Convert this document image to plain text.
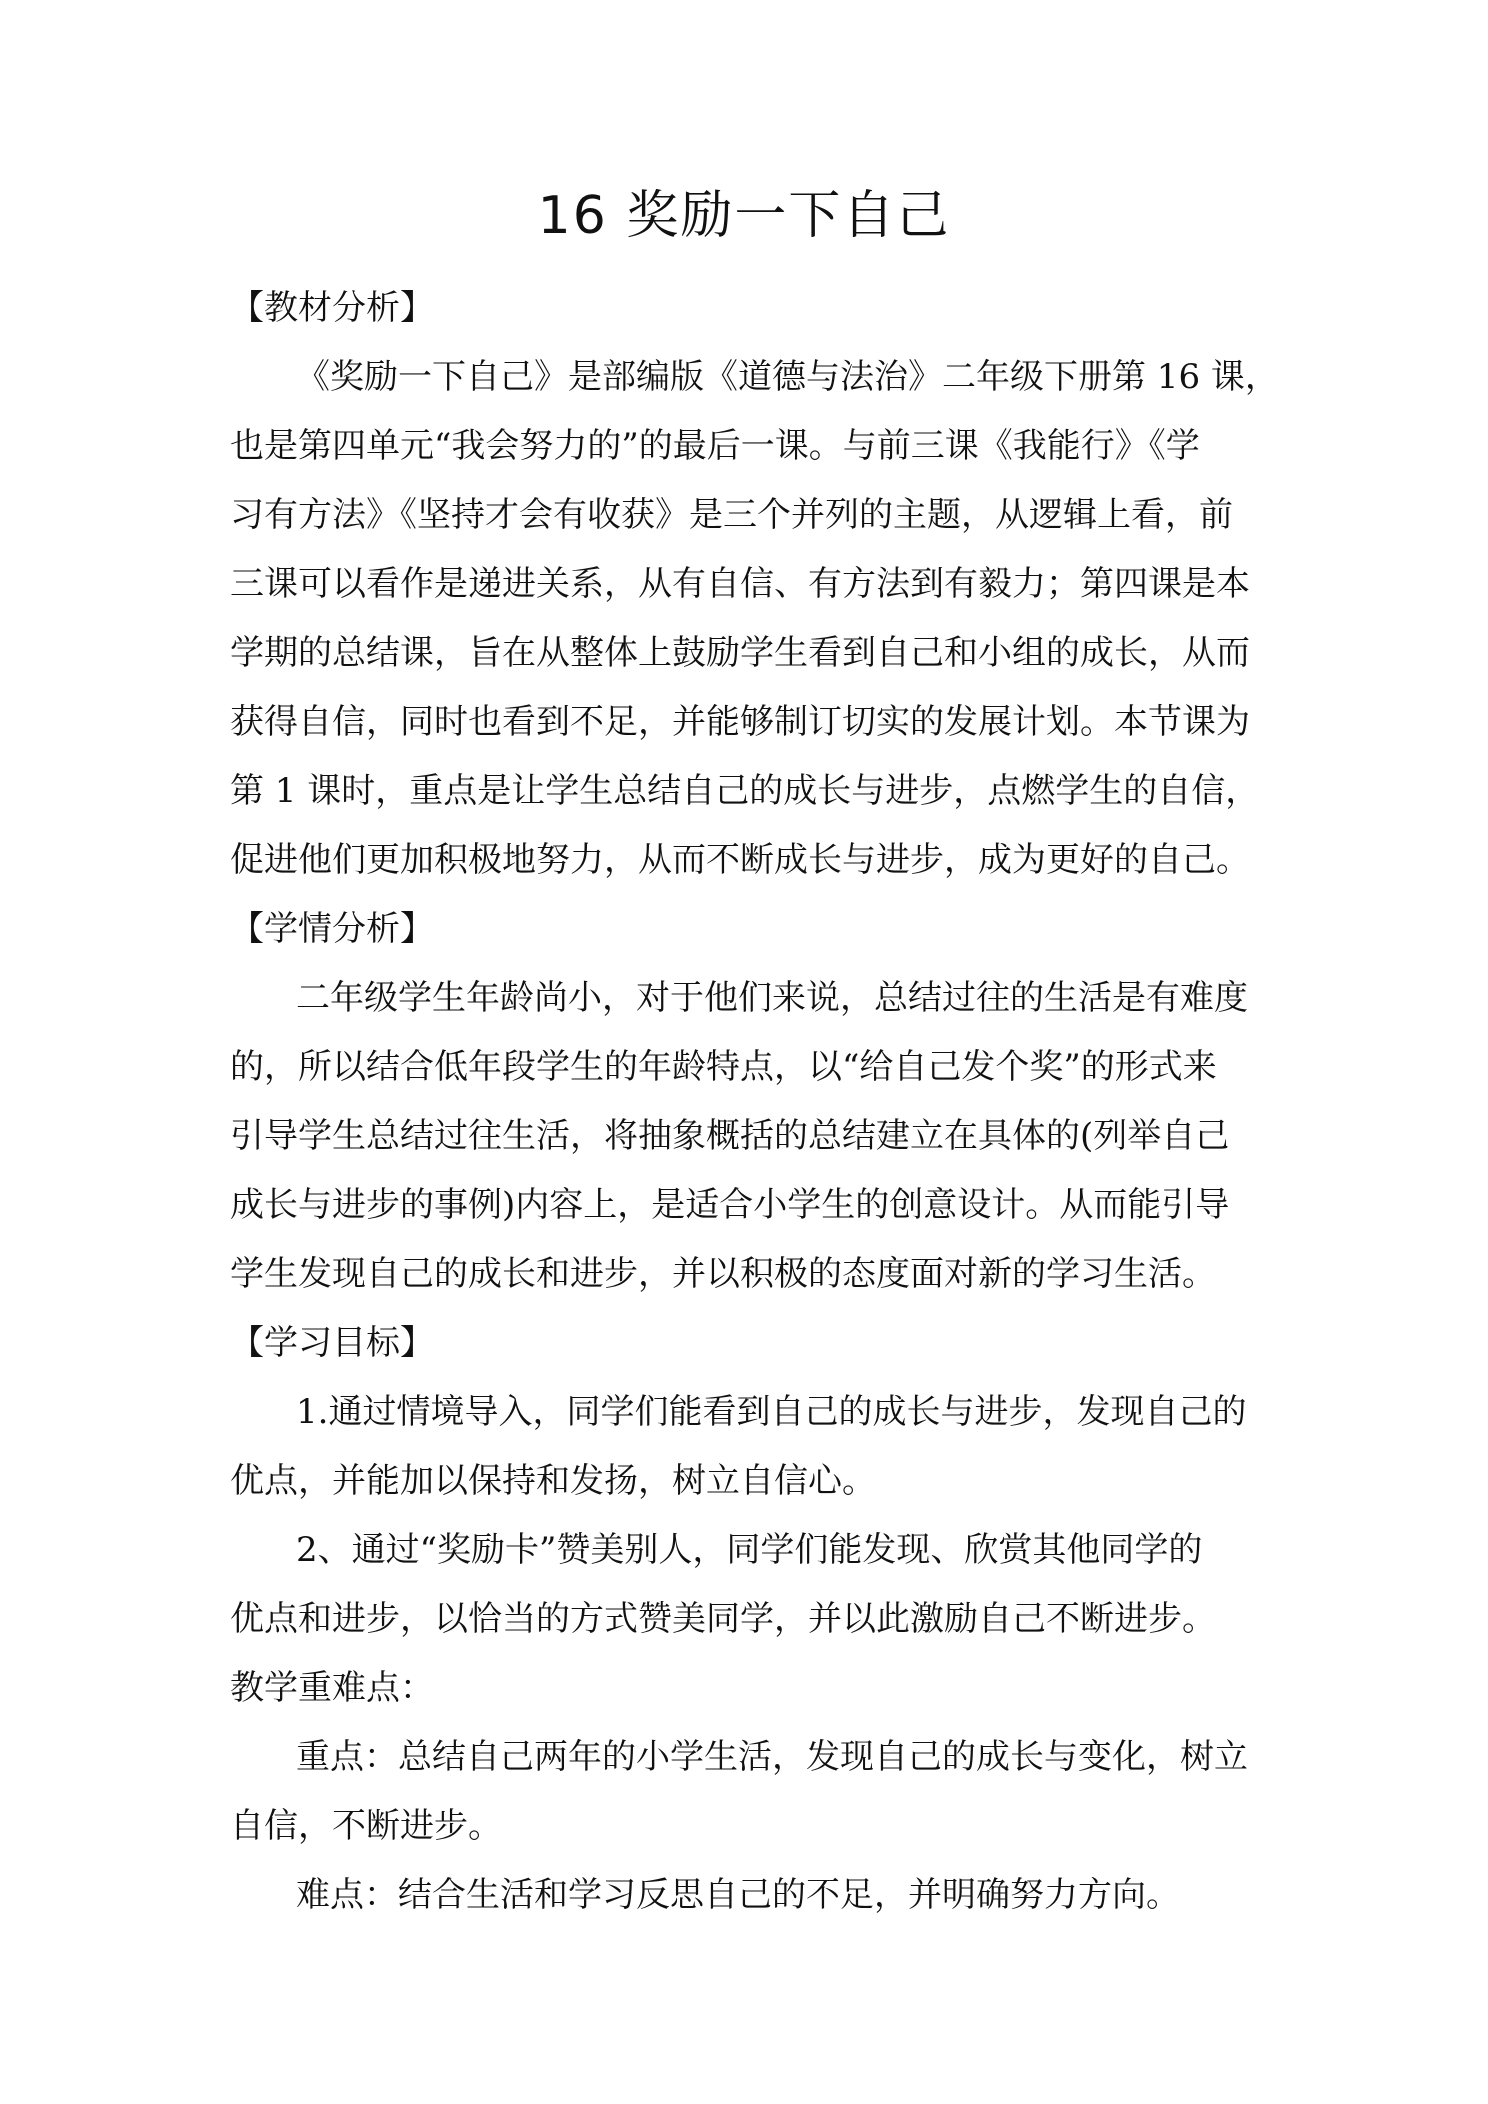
16 奖励一下自己
【教材分析】
《奖励一下自己》是部编版《道德与法治》二年级下册第 16 课，
也是第四单元“我会努力的”的最后一课。与前三课《我能行》《学
习有方法》《坚持才会有收获》是三个并列的主题，从逻辑上看，前
三课可以看作是递进关系，从有自信、有方法到有毅力；第四课是本
学期的总结课，旨在从整体上鼓励学生看到自己和小组的成长，从而
获得自信，同时也看到不足，并能够制订切实的发展计划。本节课为
第 1 课时，重点是让学生总结自己的成长与进步，点燃学生的自信，
促进他们更加积极地努力，从而不断成长与进步，成为更好的自己。
【学情分析】
二年级学生年龄尚小，对于他们来说，总结过往的生活是有难度
的，所以结合低年段学生的年龄特点，以“给自己发个奖”的形式来
引导学生总结过往生活，将抽象概括的总结建立在具体的(列举自己
成长与进步的事例)内容上，是适合小学生的创意设计。从而能引导
学生发现自己的成长和进步，并以积极的态度面对新的学习生活。
【学习目标】
1.通过情境导入，同学们能看到自己的成长与进步，发现自己的
优点，并能加以保持和发扬，树立自信心。
2、通过“奖励卡”赞美别人，同学们能发现、欣赏其他同学的
优点和进步，以恰当的方式赞美同学，并以此激励自己不断进步。
教学重难点：
重点：总结自己两年的小学生活，发现自己的成长与变化，树立
自信，不断进步。
难点：结合生活和学习反思自己的不足，并明确努力方向。
